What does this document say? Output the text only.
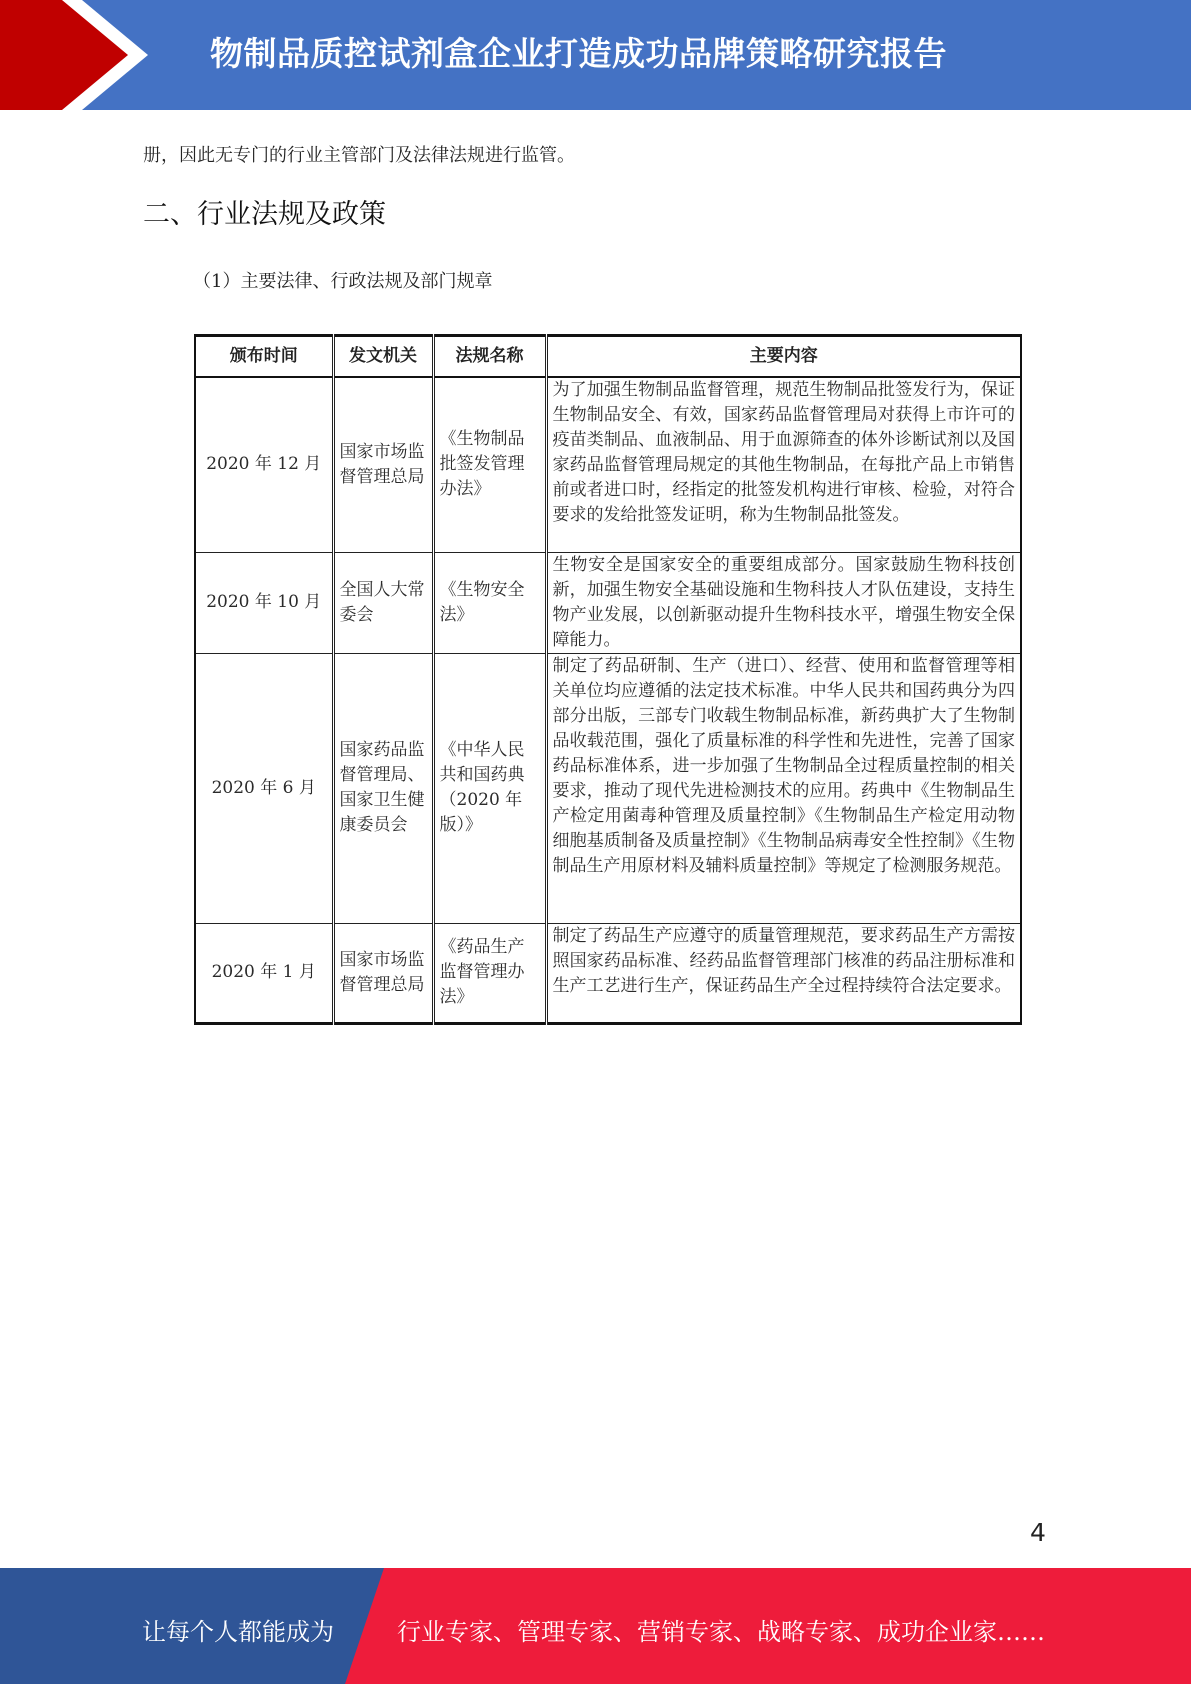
物制品质控试剂盒企业打造成功品牌策略研究报告
册，因此无专门的行业主管部门及法律法规进行监管。
二、行业法规及政策
（1）主要法律、行政法规及部门规章
颁布时间	发文机关	法规名称	主要内容
2020 年 12 月	国家市场监督管理总局	《生物制品批签发管理办法》	为了加强生物制品监督管理，规范生物制品批签发行为，保证生物制品安全、有效，国家药品监督管理局对获得上市许可的疫苗类制品、血液制品、用于血源筛查的体外诊断试剂以及国家药品监督管理局规定的其他生物制品，在每批产品上市销售前或者进口时，经指定的批签发机构进行审核、检验，对符合要求的发给批签发证明，称为生物制品批签发。
2020 年 10 月	全国人大常委会	《生物安全法》	生物安全是国家安全的重要组成部分。国家鼓励生物科技创新，加强生物安全基础设施和生物科技人才队伍建设，支持生物产业发展，以创新驱动提升生物科技水平，增强生物安全保障能力。
2020 年 6 月	国家药品监督管理局、国家卫生健康委员会	《中华人民共和国药典（2020 年版）》	制定了药品研制、生产（进口）、经营、使用和监督管理等相关单位均应遵循的法定技术标准。中华人民共和国药典分为四部分出版，三部专门收载生物制品标准，新药典扩大了生物制品收载范围，强化了质量标准的科学性和先进性，完善了国家药品标准体系，进一步加强了生物制品全过程质量控制的相关要求，推动了现代先进检测技术的应用。药典中《生物制品生产检定用菌毒种管理及质量控制》《生物制品生产检定用动物细胞基质制备及质量控制》《生物制品病毒安全性控制》《生物制品生产用原材料及辅料质量控制》等规定了检测服务规范。
2020 年 1 月	国家市场监督管理总局	《药品生产监督管理办法》	制定了药品生产应遵守的质量管理规范，要求药品生产方需按照国家药品标准、经药品监督管理部门核准的药品注册标准和生产工艺进行生产，保证药品生产全过程持续符合法定要求。
4
让每个人都能成为	行业专家、管理专家、营销专家、战略专家、成功企业家……
